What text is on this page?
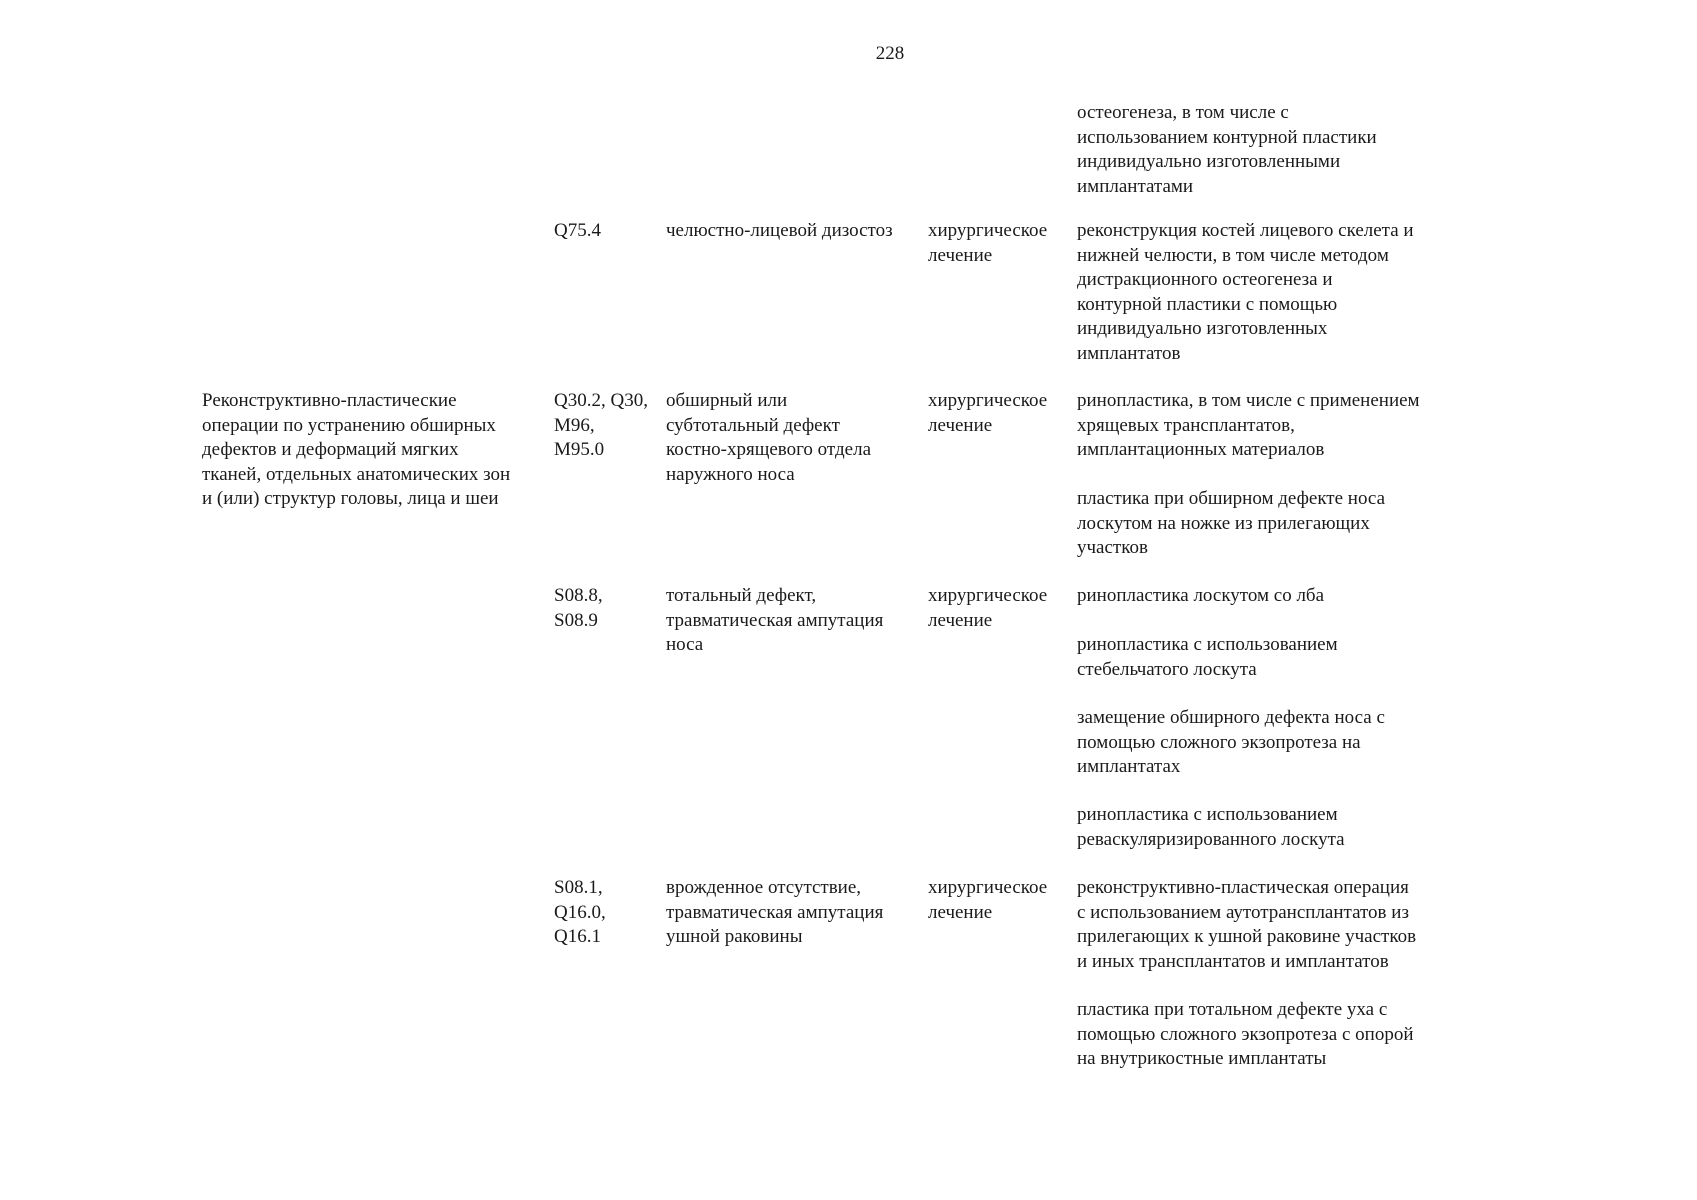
228
остеогенеза, в том числе с
использованием контурной пластики
индивидуально изготовленными
имплантатами
Q75.4	челюстно-лицевой дизостоз	хирургическое
лечение
реконструкция костей лицевого скелета и
нижней челюсти, в том числе методом
дистракционного остеогенеза и
контурной пластики с помощью
индивидуально изготовленных
имплантатов
Реконструктивно-пластические
операции по устранению обширных
дефектов и деформаций мягких
тканей, отдельных анатомических зон
и (или) структур головы, лица и шеи
Q30.2, Q30,
M96,
M95.0
обширный или
субтотальный дефект
костно-хрящевого отдела
наружного носа
хирургическое
лечение
ринопластика, в том числе с применением
хрящевых трансплантатов,
имплантационных материалов
пластика при обширном дефекте носа
лоскутом на ножке из прилегающих
участков
S08.8,
S08.9
тотальный дефект,
травматическая ампутация
носа
хирургическое
лечение
ринопластика лоскутом со лба
ринопластика с использованием
стебельчатого лоскута
замещение обширного дефекта носа с
помощью сложного экзопротеза на
имплантатах
ринопластика с использованием
реваскуляризированного лоскута
S08.1,
Q16.0,
Q16.1
врожденное отсутствие,
травматическая ампутация
ушной раковины
хирургическое
лечение
реконструктивно-пластическая операция
с использованием аутотрансплантатов из
прилегающих к ушной раковине участков
и иных трансплантатов и имплантатов
пластика при тотальном дефекте уха с
помощью сложного экзопротеза с опорой
на внутрикостные имплантаты
